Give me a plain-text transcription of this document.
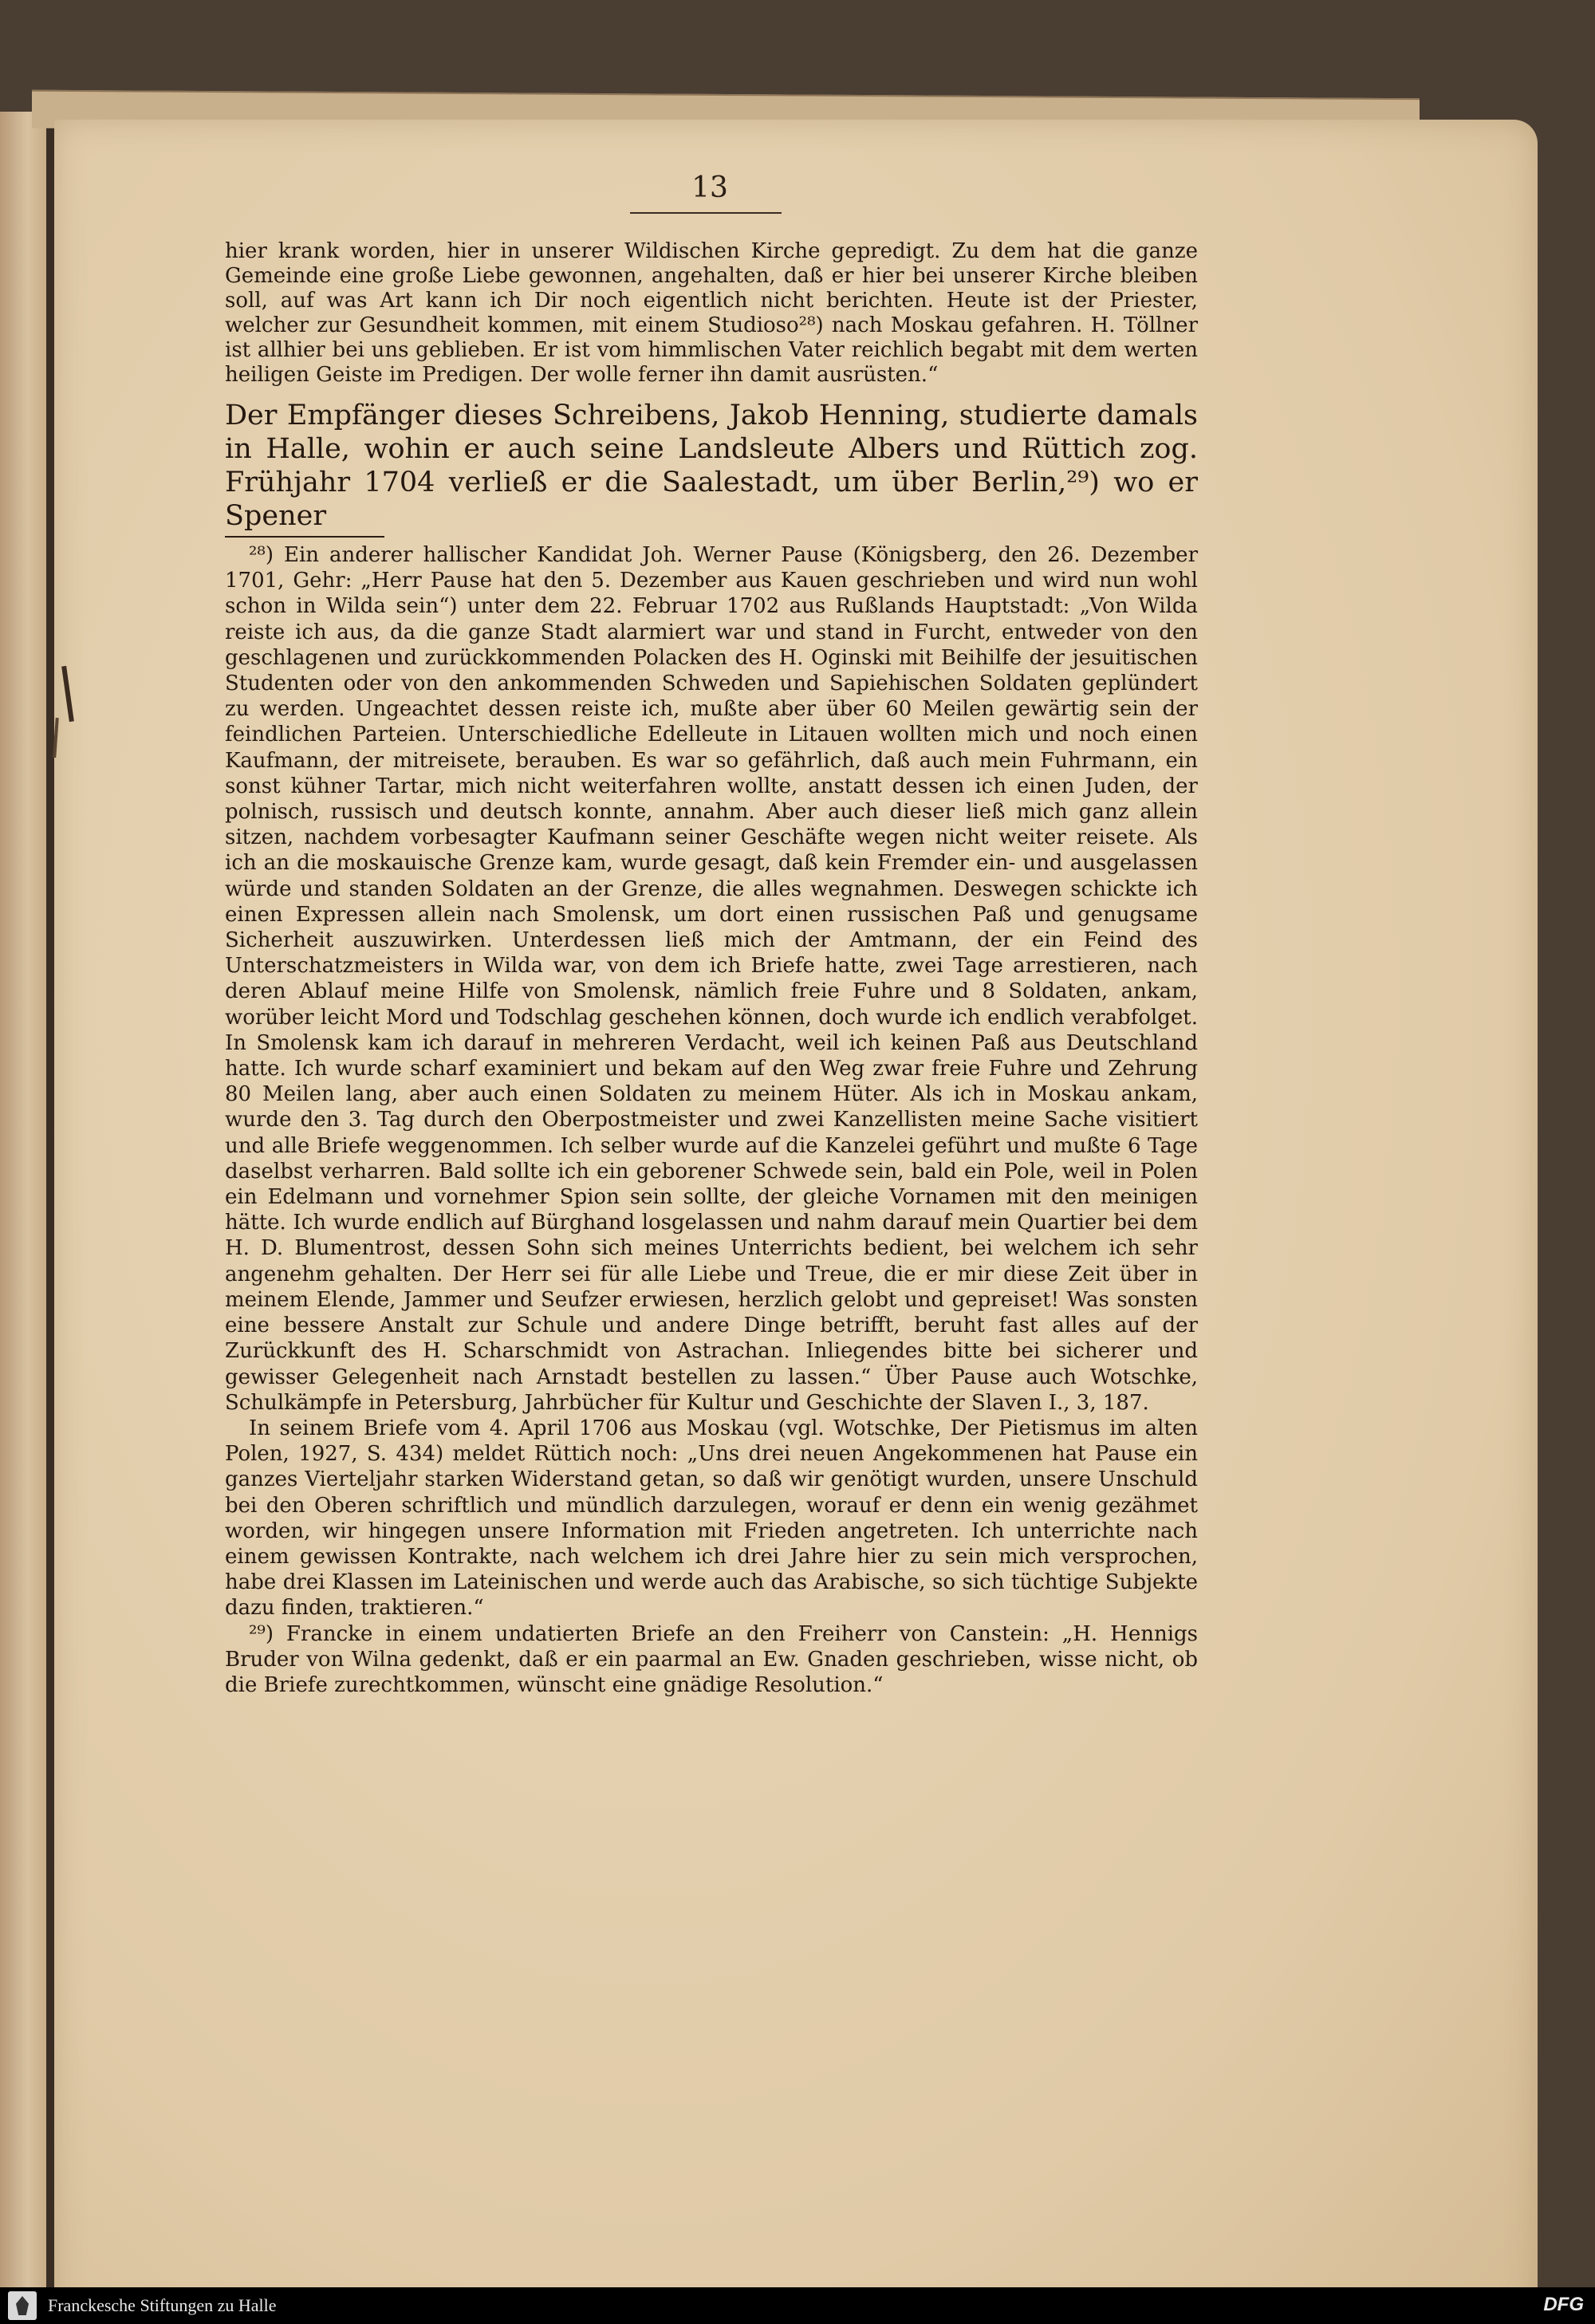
13

hier krank worden, hier in unserer Wildischen Kirche gepredigt. Zu dem hat die ganze Gemeinde eine große Liebe gewonnen, angehalten, daß er hier bei unserer Kirche bleiben soll, auf was Art kann ich Dir noch eigentlich nicht berichten. Heute ist der Priester, welcher zur Gesundheit kommen, mit einem Studioso²⁸) nach Moskau gefahren. H. Töllner ist allhier bei uns geblieben. Er ist vom himmlischen Vater reichlich begabt mit dem werten heiligen Geiste im Predigen. Der wolle ferner ihn damit ausrüsten.“

Der Empfänger dieses Schreibens, Jakob Henning, studierte damals in Halle, wohin er auch seine Landsleute Albers und Rüttich zog. Frühjahr 1704 verließ er die Saalestadt, um über Berlin,²⁹) wo er Spener

²⁸) Ein anderer hallischer Kandidat Joh. Werner Pause (Königsberg, den 26. Dezember 1701, Gehr: „Herr Pause hat den 5. Dezember aus Kauen geschrieben und wird nun wohl schon in Wilda sein“) unter dem 22. Februar 1702 aus Rußlands Hauptstadt: „Von Wilda reiste ich aus, da die ganze Stadt alarmiert war und stand in Furcht, entweder von den geschlagenen und zurückkommenden Polacken des H. Oginski mit Beihilfe der jesuitischen Studenten oder von den ankommenden Schweden und Sapiehischen Soldaten geplündert zu werden. Ungeachtet dessen reiste ich, mußte aber über 60 Meilen gewärtig sein der feindlichen Parteien. Unterschiedliche Edelleute in Litauen wollten mich und noch einen Kaufmann, der mitreisete, berauben. Es war so gefährlich, daß auch mein Fuhrmann, ein sonst kühner Tartar, mich nicht weiterfahren wollte, anstatt dessen ich einen Juden, der polnisch, russisch und deutsch konnte, annahm. Aber auch dieser ließ mich ganz allein sitzen, nachdem vorbesagter Kaufmann seiner Geschäfte wegen nicht weiter reisete. Als ich an die moskauische Grenze kam, wurde gesagt, daß kein Fremder ein- und ausgelassen würde und standen Soldaten an der Grenze, die alles wegnahmen. Deswegen schickte ich einen Expressen allein nach Smolensk, um dort einen russischen Paß und genugsame Sicherheit auszuwirken. Unterdessen ließ mich der Amtmann, der ein Feind des Unterschatzmeisters in Wilda war, von dem ich Briefe hatte, zwei Tage arrestieren, nach deren Ablauf meine Hilfe von Smolensk, nämlich freie Fuhre und 8 Soldaten, ankam, worüber leicht Mord und Todschlag geschehen können, doch wurde ich endlich verabfolget. In Smolensk kam ich darauf in mehreren Verdacht, weil ich keinen Paß aus Deutschland hatte. Ich wurde scharf examiniert und bekam auf den Weg zwar freie Fuhre und Zehrung 80 Meilen lang, aber auch einen Soldaten zu meinem Hüter. Als ich in Moskau ankam, wurde den 3. Tag durch den Oberpostmeister und zwei Kanzellisten meine Sache visitiert und alle Briefe weggenommen. Ich selber wurde auf die Kanzelei geführt und mußte 6 Tage daselbst verharren. Bald sollte ich ein geborener Schwede sein, bald ein Pole, weil in Polen ein Edelmann und vornehmer Spion sein sollte, der gleiche Vornamen mit den meinigen hätte. Ich wurde endlich auf Bürghand losgelassen und nahm darauf mein Quartier bei dem H. D. Blumentrost, dessen Sohn sich meines Unterrichts bedient, bei welchem ich sehr angenehm gehalten. Der Herr sei für alle Liebe und Treue, die er mir diese Zeit über in meinem Elende, Jammer und Seufzer erwiesen, herzlich gelobt und gepreiset! Was sonsten eine bessere Anstalt zur Schule und andere Dinge betrifft, beruht fast alles auf der Zurückkunft des H. Scharschmidt von Astrachan. Inliegendes bitte bei sicherer und gewisser Gelegenheit nach Arnstadt bestellen zu lassen.“ Über Pause auch Wotschke, Schulkämpfe in Petersburg, Jahrbücher für Kultur und Geschichte der Slaven I., 3, 187.

In seinem Briefe vom 4. April 1706 aus Moskau (vgl. Wotschke, Der Pietismus im alten Polen, 1927, S. 434) meldet Rüttich noch: „Uns drei neuen Angekommenen hat Pause ein ganzes Vierteljahr starken Widerstand getan, so daß wir genötigt wurden, unsere Unschuld bei den Oberen schriftlich und mündlich darzulegen, worauf er denn ein wenig gezähmet worden, wir hingegen unsere Information mit Frieden angetreten. Ich unterrichte nach einem gewissen Kontrakte, nach welchem ich drei Jahre hier zu sein mich versprochen, habe drei Klassen im Lateinischen und werde auch das Arabische, so sich tüchtige Subjekte dazu finden, traktieren.“

²⁹) Francke in einem undatierten Briefe an den Freiherr von Canstein: „H. Hennigs Bruder von Wilna gedenkt, daß er ein paarmal an Ew. Gnaden geschrieben, wisse nicht, ob die Briefe zurechtkommen, wünscht eine gnädige Resolution.“

Franckesche Stiftungen zu Halle	DFG
